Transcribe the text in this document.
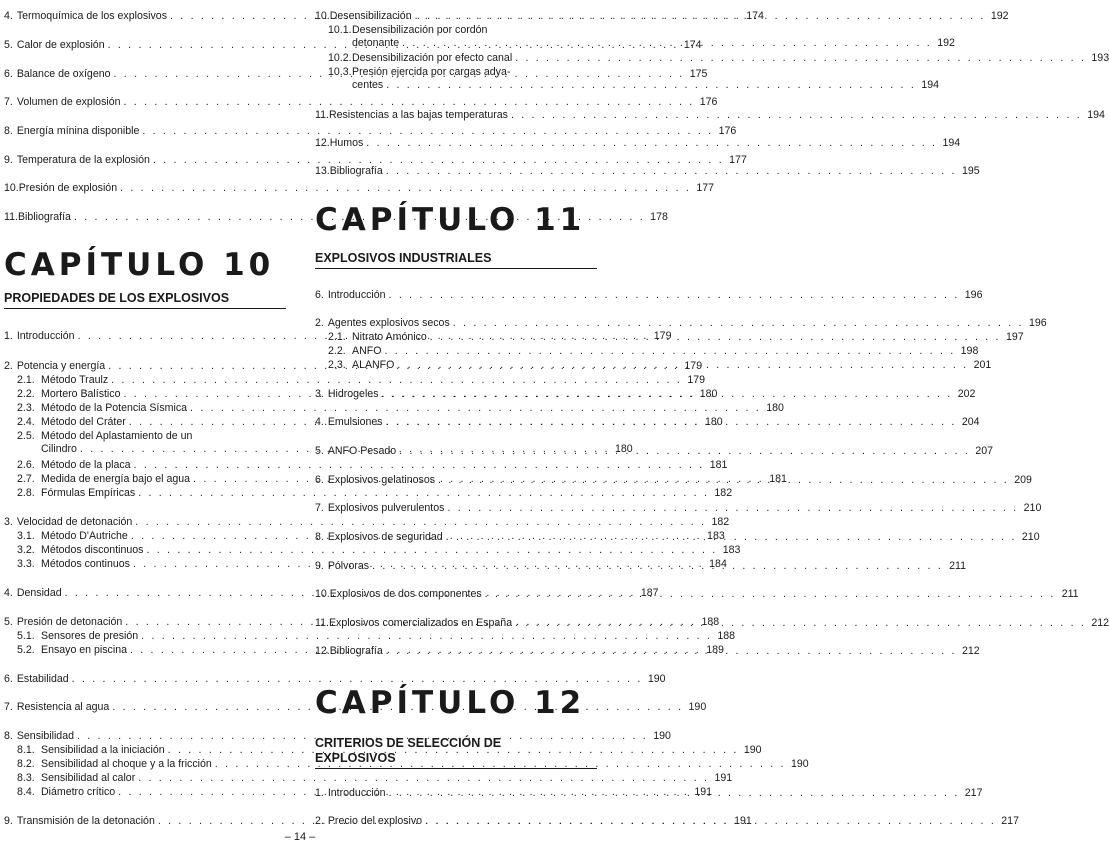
4. Termoquímica de los explosivos . . .	174
5. Calor de explosión . . .	174
6. Balance de oxígeno . . .	175
7. Volumen de explosión . . .	176
8. Energía mínina disponible . . .	176
9. Temperatura de la explosión . . .	177
10. Presión de explosión . . .	177
11. Bibliografía . . .	178
CAPÍTULO 10
PROPIEDADES DE LOS EXPLOSIVOS
1. Introducción . . .	179
2. Potencia y energía . . .	179
2.1. Método Traulz . . .	179
2.2. Mortero Balístico . . .	180
2.3. Método de la Potencia Sísmica . . .	180
2.4. Método del Cráter . . .	180
2.5. Método del Aplastamiento de un
Cilindro . . .	180
2.6. Método de la placa . . .	181
2.7. Medida de energía bajo el agua . . .	181
2.8. Fórmulas Empíricas . . .	182
3. Velocidad de detonación . . .	182
3.1. Método D'Autriche . . .	183
3.2. Métodos discontinuos . . .	183
3.3. Métodos continuos . . .	184
4. Densidad . . .	187
5. Presión de detonación . . .	188
5.1. Sensores de presión . . .	188
5.2. Ensayo en piscina . . .	189
6. Estabilidad . . .	190
7. Resistencia al agua . . .	190
8. Sensibilidad . . .	190
8.1. Sensibilidad a la iniciación . . .	190
8.2. Sensibilidad al choque y a la fricción . . .	190
8.3. Sensibilidad al calor . . .	191
8.4. Diámetro crítico . . .	191
9. Transmisión de la detonación . . .	191
10. Desensibilización . . .	192
10.1. Desensibilización por cordón
detonante . . .	192
10.2. Desensibilización por efecto canal . . .	193
10.3. Presión ejercida por cargas adya-
centes . . .	194
11. Resistencias a las bajas temperaturas . . .	194
12. Humos . . .	194
13. Bibliografía . . .	195
CAPÍTULO 11
EXPLOSIVOS INDUSTRIALES
6. Introducción . . .	196
2. Agentes explosivos secos . . .	196
2.1. Nitrato Amónico . . .	197
2.2. ANFO . . .	198
2.3. ALANFO . . .	201
3. Hidrogeles . . .	202
4. Emulsiones . . .	204
5. ANFO Pesado . . .	207
6. Explosivos gelatinosos . . .	209
7. Explosivos pulverulentos . . .	210
8. Explosivos de seguridad . . .	210
9. Pólvoras . . .	211
10. Explosivos de dos componentes . . .	211
11. Explosivos comercializados en España . . .	212
12. Bibliografía . . .	212
CAPÍTULO 12
CRITERIOS DE SELECCIÓN DE
EXPLOSIVOS
1. Introducción . . .	217
2. Precio del explosivo . . .	217
– 14 –
